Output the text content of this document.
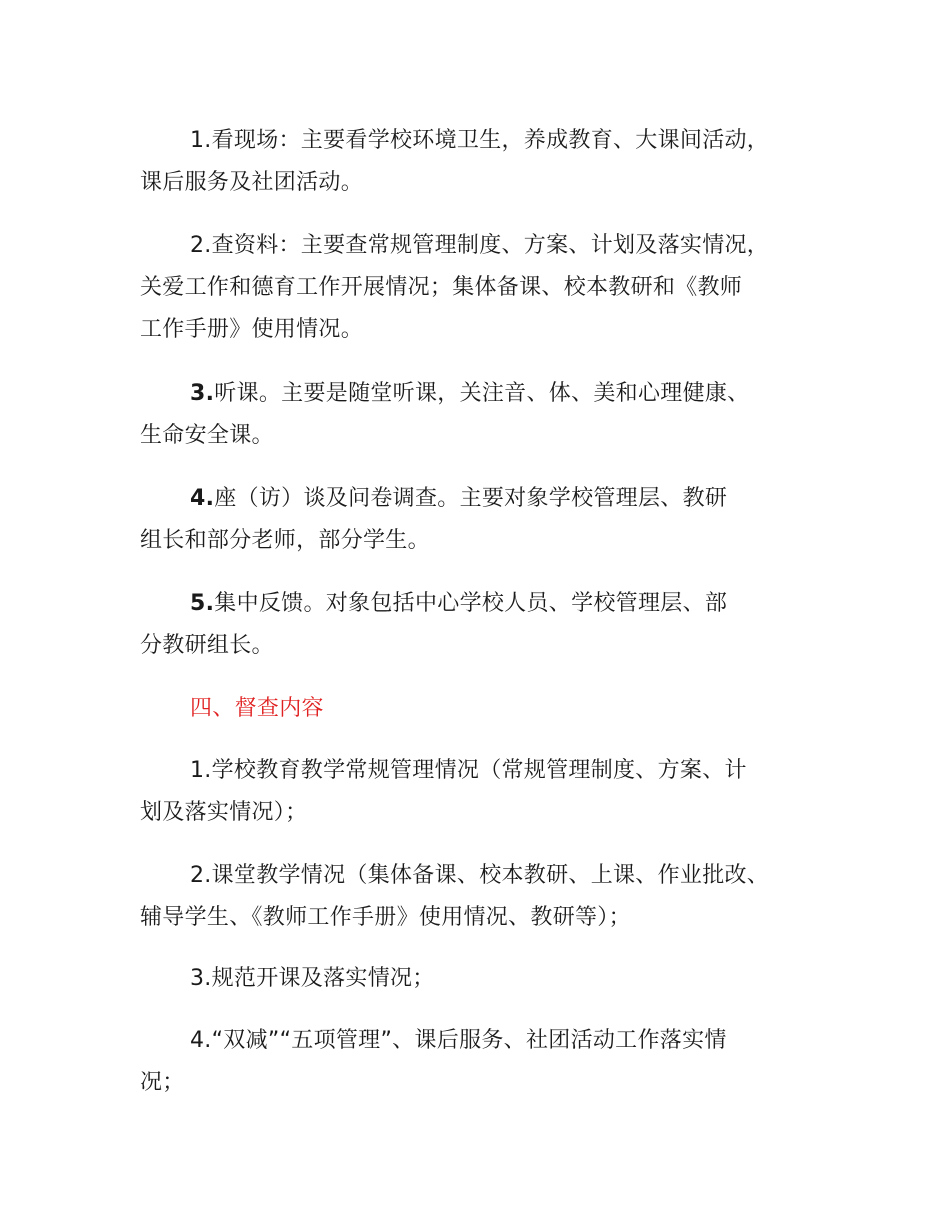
1.看现场：主要看学校环境卫生，养成教育、大课间活动，
课后服务及社团活动。
2.查资料：主要查常规管理制度、方案、计划及落实情况，
关爱工作和德育工作开展情况；集体备课、校本教研和《教师
工作手册》使用情况。
3.听课。主要是随堂听课，关注音、体、美和心理健康、
生命安全课。
4.座（访）谈及问卷调查。主要对象学校管理层、教研
组长和部分老师，部分学生。
5.集中反馈。对象包括中心学校人员、学校管理层、部
分教研组长。
四、督查内容
1.学校教育教学常规管理情况（常规管理制度、方案、计
划及落实情况）；
2.课堂教学情况（集体备课、校本教研、上课、作业批改、
辅导学生、《教师工作手册》使用情况、教研等）；
3.规范开课及落实情况；
4.“双减”“五项管理”、课后服务、社团活动工作落实情
况；
